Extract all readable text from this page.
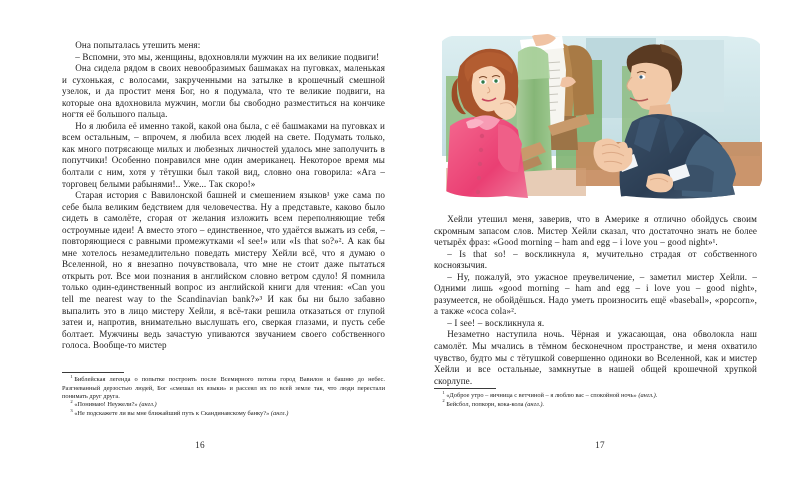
Она попыталась утешить меня:

– Вспомни, это мы, женщины, вдохновляли мужчин на их великие подвиги!

Она сидела рядом в своих невообразимых башмаках на пуговках, маленькая и сухонькая, с волосами, закрученными на затылке в крошечный смешной узелок, и да простит меня Бог, но я подумала, что те великие подвиги, на которые она вдохновила мужчин, могли бы свободно разместиться на кончике ногтя её большого пальца.

Но я любила её именно такой, какой она была, с её башмаками на пуговках и всем остальным, – впрочем, я любила всех людей на свете. Подумать только, как много потрясающе милых и любезных личностей удалось мне заполучить в попутчики! Особенно понравился мне один американец. Некоторое время мы болтали с ним, хотя у тётушки был такой вид, словно она говорила: «Ага – торговец белыми рабынями!.. Уже... Так скоро!»

Старая история с Вавилонской башней и смешением языков¹ уже сама по себе была великим бедствием для человечества. Ну а представьте, каково было сидеть в самолёте, сгорая от желания изложить всем переполняющие тебя остроумные идеи! А вместо этого – единственное, что удаётся выжать из себя, – повторяющиеся с равными промежутками «I see!» или «Is that so?»². А как бы мне хотелось незамедлительно поведать мистеру Хейли всё, что я думаю о Вселенной, но я внезапно почувствовала, что мне не стоит даже пытаться открыть рот. Все мои познания в английском словно ветром сдуло! Я помнила только один-единственный вопрос из английской книги для чтения: «Can you tell me nearest way to the Scandinavian bank?»³ И как бы ни было забавно выпалить это в лицо мистеру Хейли, я всё-таки решила отказаться от глупой затеи и, напротив, внимательно выслушать его, сверкая глазами, и пусть себе болтает. Мужчины ведь зачастую упиваются звучанием своего собственного голоса. Вообще-то мистер

$^1$ Библейская легенда о попытке построить после Всемирного потопа город Вавилон и башню до небес. Разгневанный дерзостью людей, Бог «смешал их языки» и рассеял их по всей земле так, что люди перестали понимать друг друга.

$^2$ «Понимаю! Неужели?» (англ.)

$^3$ «Не подскажете ли вы мне ближайший путь к Скандинавскому банку?» (англ.)

16

Хейли утешил меня, заверив, что в Америке я отлично обойдусь своим скромным запасом слов. Мистер Хейли сказал, что достаточно знать не более четырёх фраз: «Good morning – ham and egg – i love you – good night»¹.

– Is that so! – воскликнула я, мучительно страдая от собственного косноязычия.

– Ну, пожалуй, это ужасное преувеличение, – заметил мистер Хейли. – Одними лишь «good morning – ham and egg – i love you – good night», разумеется, не обойдёшься. Надо уметь произносить ещё «baseball», «popcorn», а также «coca cola»².

– I see! – воскликнула я.

Незаметно наступила ночь. Чёрная и ужасающая, она обволокла наш самолёт. Мы мчались в тёмном бесконечном пространстве, и меня охватило чувство, будто мы с тётушкой совершенно одиноки во Вселенной, как и мистер Хейли и все остальные, замкнутые в нашей общей крошечной хрупкой скорлупе.

$^1$ «Доброе утро – яичница с ветчиной – я люблю вас – спокойной ночь» (англ.).

$^2$ Бейсбол, попкорн, кока-кола (англ.).

17
